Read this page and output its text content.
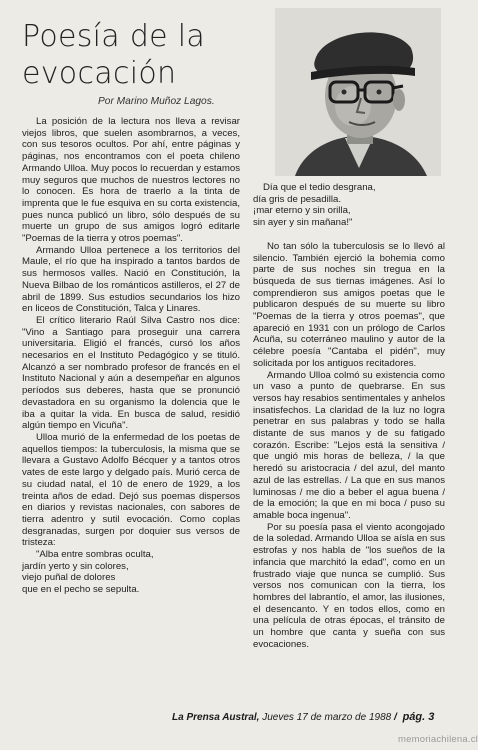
Poesía de la
evocación
Por Marino Muñoz Lagos.

La posición de la lectura nos lleva a revisar viejos libros, que suelen asombrarnos, a veces, con sus tesoros ocultos. Por ahí, entre páginas y páginas, nos encontramos con el poeta chileno Armando Ulloa. Muy pocos lo recuerdan y estamos muy seguros que muchos de nuestros lectores no lo conocen. Es hora de traerlo a la tinta de imprenta que le fue esquiva en su corta existencia, pues nunca publicó un libro, sólo después de su muerte un grupo de sus amigos logró editarle "Poemas de la tierra y otros poemas".

Armando Ulloa pertenece a los territorios del Maule, el río que ha inspirado a tantos bardos de sus hermosos valles. Nació en Constitución, la Nueva Bilbao de los románticos astilleros, el 27 de abril de 1899. Sus estudios secundarios los hizo en liceos de Constitución, Talca y Linares.

El crítico literario Raúl Silva Castro nos dice: "Vino a Santiago para proseguir una carrera universitaria. Eligió el francés, cursó los años necesarios en el Instituto Pedagógico y se tituló. Alcanzó a ser nombrado profesor de francés en el Instituto Nacional y aún a desempeñar en algunos períodos sus deberes, hasta que se pronunció devastadora en su organismo la dolencia que le iba a quitar la vida. En busca de salud, residió algún tiempo en Vicuña".

Ulloa murió de la enfermedad de los poetas de aquellos tiempos: la tuberculosis, la misma que se llevara a Gustavo Adolfo Bécquer y a tantos otros vates de este largo y delgado país. Murió cerca de su ciudad natal, el 10 de enero de 1929, a los treinta años de edad. Dejó sus poemas dispersos en diarios y revistas nacionales, con sabores de tierra adentro y sutil evocación. Como coplas desgranadas, surgen por doquier sus versos de tristeza:

"Alba entre sombras oculta,

jardín yerto y sin colores,

viejo puñal de dolores

que en el pecho se sepulta.

Día que el tedio desgrana,

día gris de pesadilla.

¡mar eterno y sin orilla,

sin ayer y sin mañana!"

No tan sólo la tuberculosis se lo llevó al silencio. También ejerció la bohemia como parte de sus noches sin tregua en la búsqueda de sus tiernas imágenes. Así lo comprendieron sus amigos poetas que le publicaron después de su muerte su libro "Poemas de la tierra y otros poemas", que apareció en 1931 con un prólogo de Carlos Acuña, su coterráneo maulino y autor de la célebre poesía "Cantaba el pidén", muy solicitada por los antiguos recitadores.

Armando Ulloa colmó su existencia como un vaso a punto de quebrarse. En sus versos hay resabios sentimentales y anhelos insatisfechos. La claridad de la luz no logra penetrar en sus palabras y todo se halla distante de sus manos y de su fatigado corazón. Escribe: "Lejos está la sensitiva / que ungió mis horas de belleza, / la que heredó su aristocracia / del azul, del manto azul de las estrellas. / La que en sus manos luminosas / me dio a beber el agua buena / de la emoción; la que en mi boca / puso su amable boca ingenua".

Por su poesía pasa el viento acongojado de la soledad. Armando Ulloa se aísla en sus estrofas y nos habla de "los sueños de la infancia que marchitó la edad", como en un frustrado viaje que nunca se cumplió. Sus versos nos comunican con la tierra, los hombres del labrantío, el amor, las ilusiones, el desencanto. Y en todos ellos, como en una película de otras épocas, el tránsito de un hombre que canta y sueña con sus evocaciones.

La Prensa Austral, Jueves 17 de marzo de 1988 / pág. 3
memoriachilena.cl
